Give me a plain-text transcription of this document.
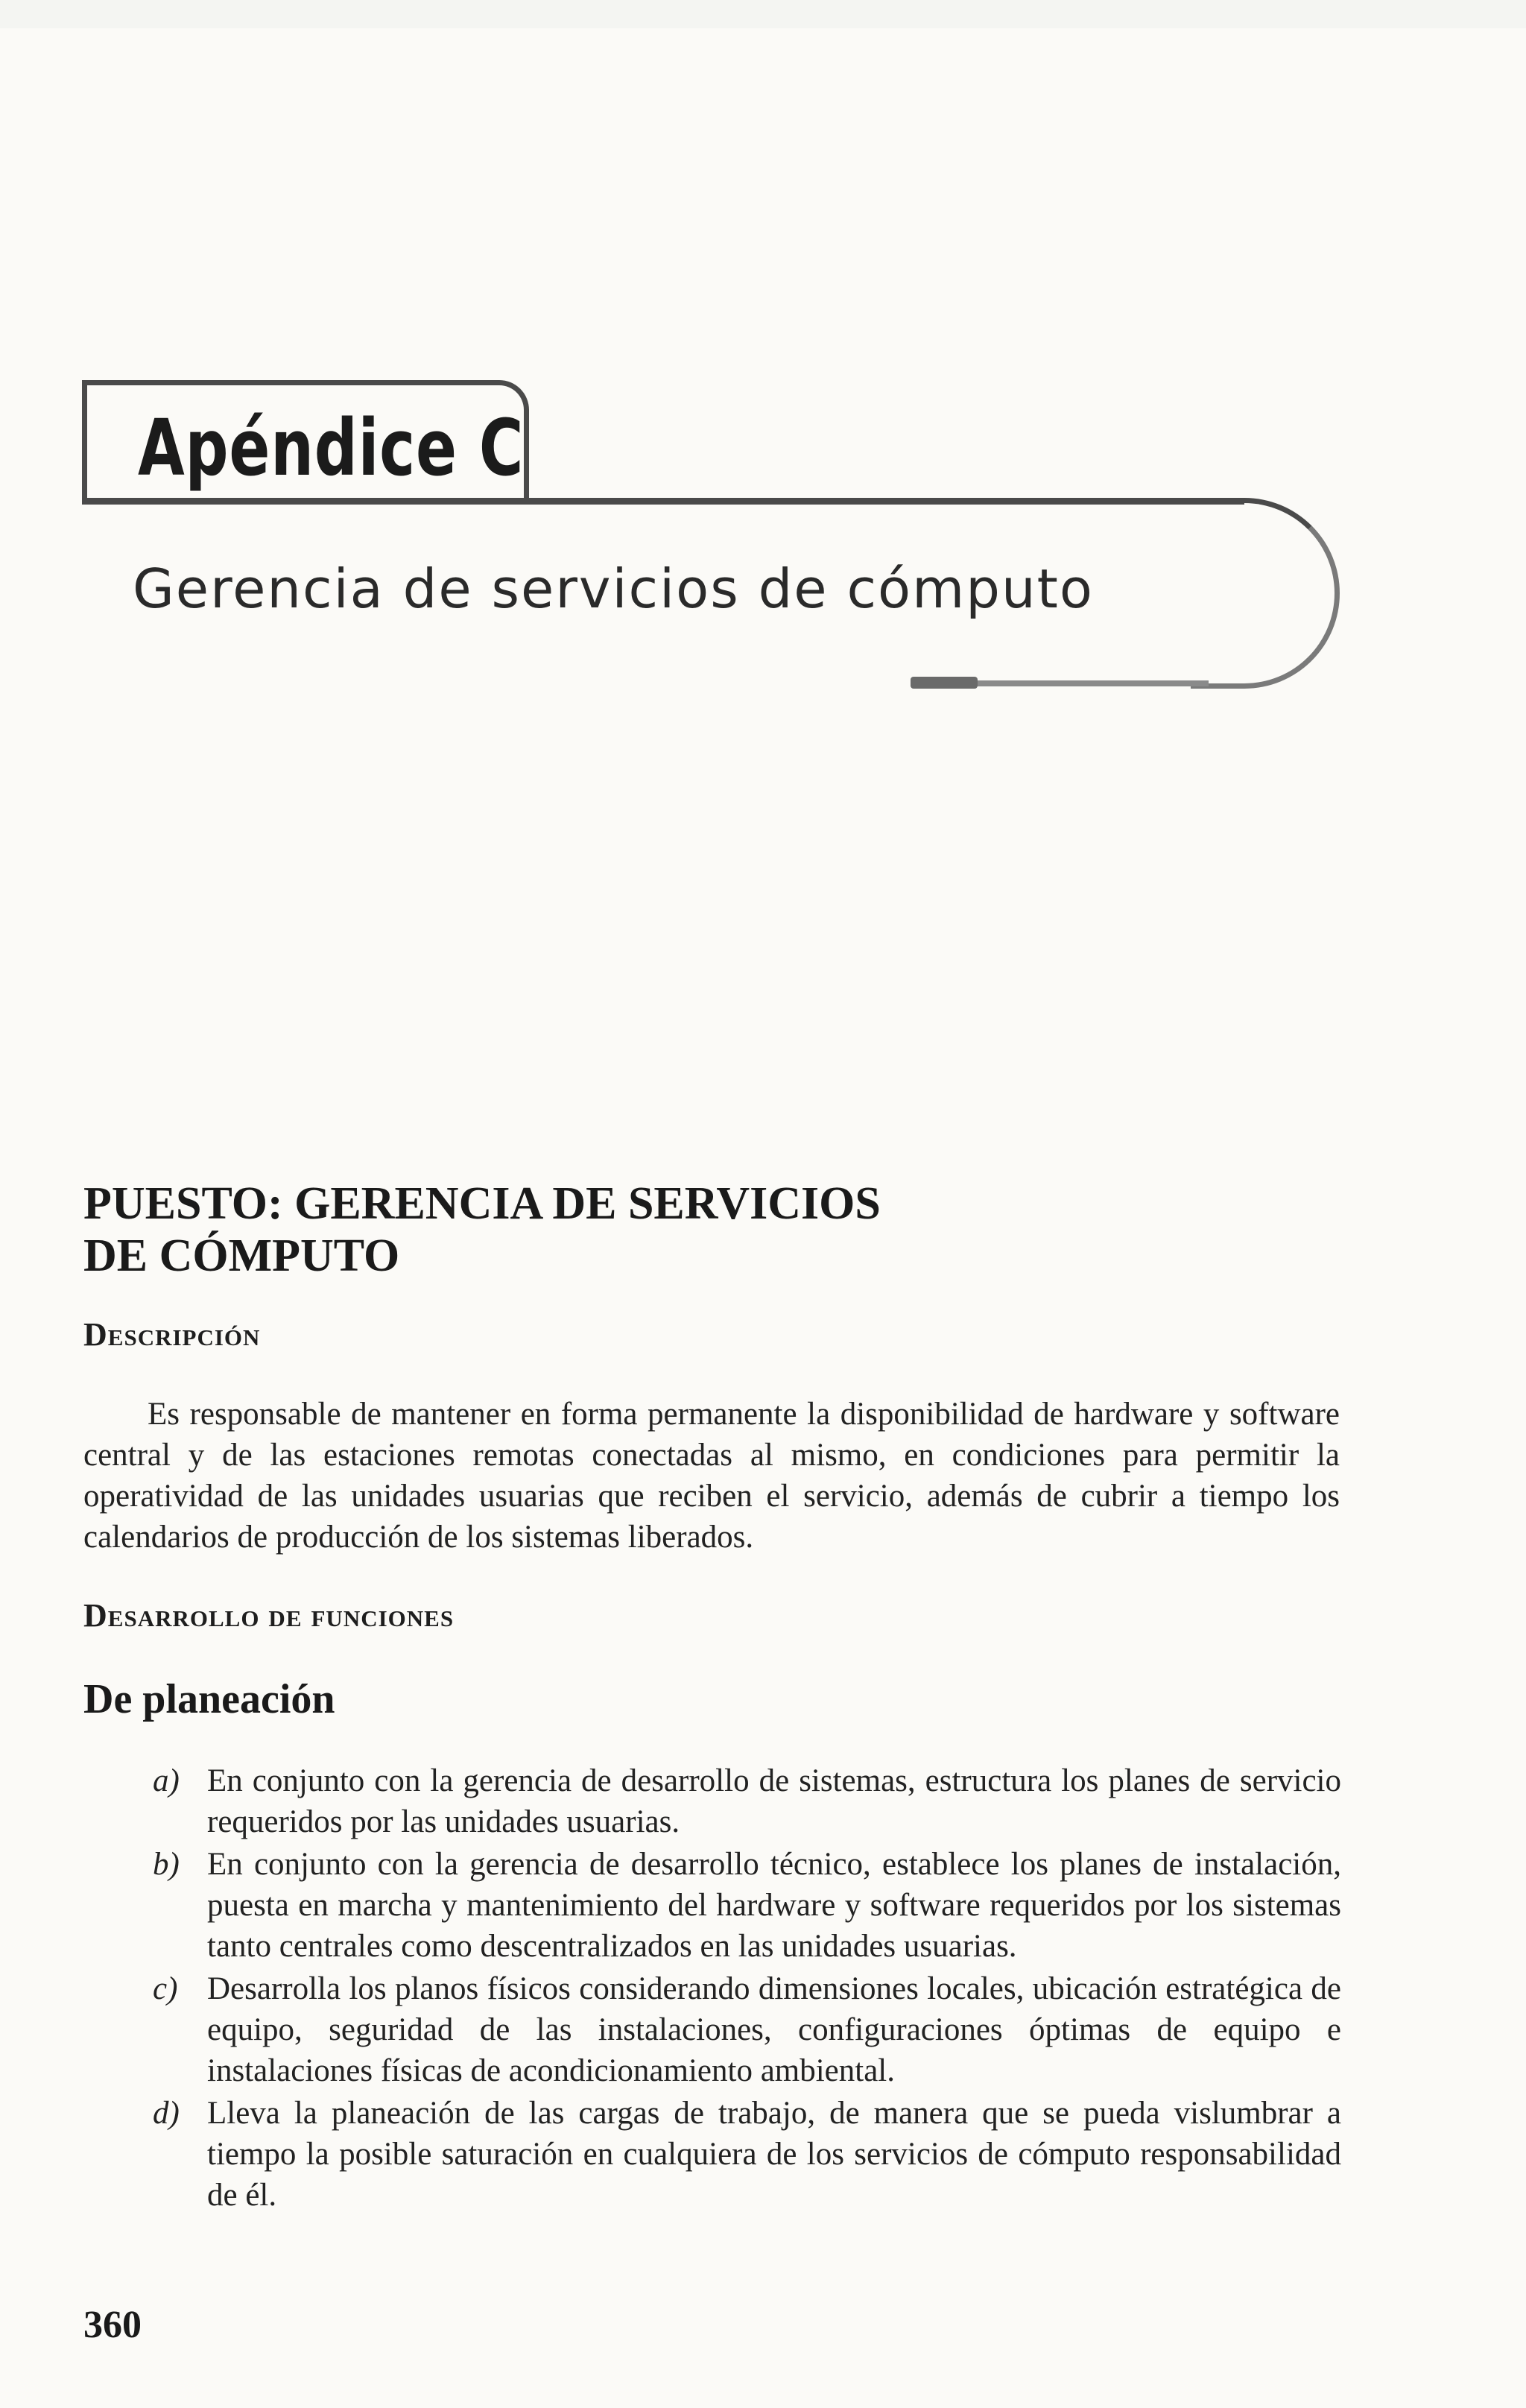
Apéndice C
Gerencia de servicios de cómputo
PUESTO: GERENCIA DE SERVICIOS
DE CÓMPUTO
Descripción

Es responsable de mantener en forma permanente la disponibilidad de hardware y software central y de las estaciones remotas conectadas al mismo, en condiciones para permitir la operatividad de las unidades usuarias que reciben el servicio, además de cubrir a tiempo los calendarios de producción de los sistemas liberados.

Desarrollo de funciones
De planeación
a) En conjunto con la gerencia de desarrollo de sistemas, estructura los planes de servicio requeridos por las unidades usuarias.
b) En conjunto con la gerencia de desarrollo técnico, establece los planes de instalación, puesta en marcha y mantenimiento del hardware y software requeridos por los sistemas tanto centrales como descentralizados en las unidades usuarias.
c) Desarrolla los planos físicos considerando dimensiones locales, ubicación estratégica de equipo, seguridad de las instalaciones, configuraciones óptimas de equipo e instalaciones físicas de acondicionamiento ambiental.
d) Lleva la planeación de las cargas de trabajo, de manera que se pueda vislumbrar a tiempo la posible saturación en cualquiera de los servicios de cómputo responsabilidad de él.

360
